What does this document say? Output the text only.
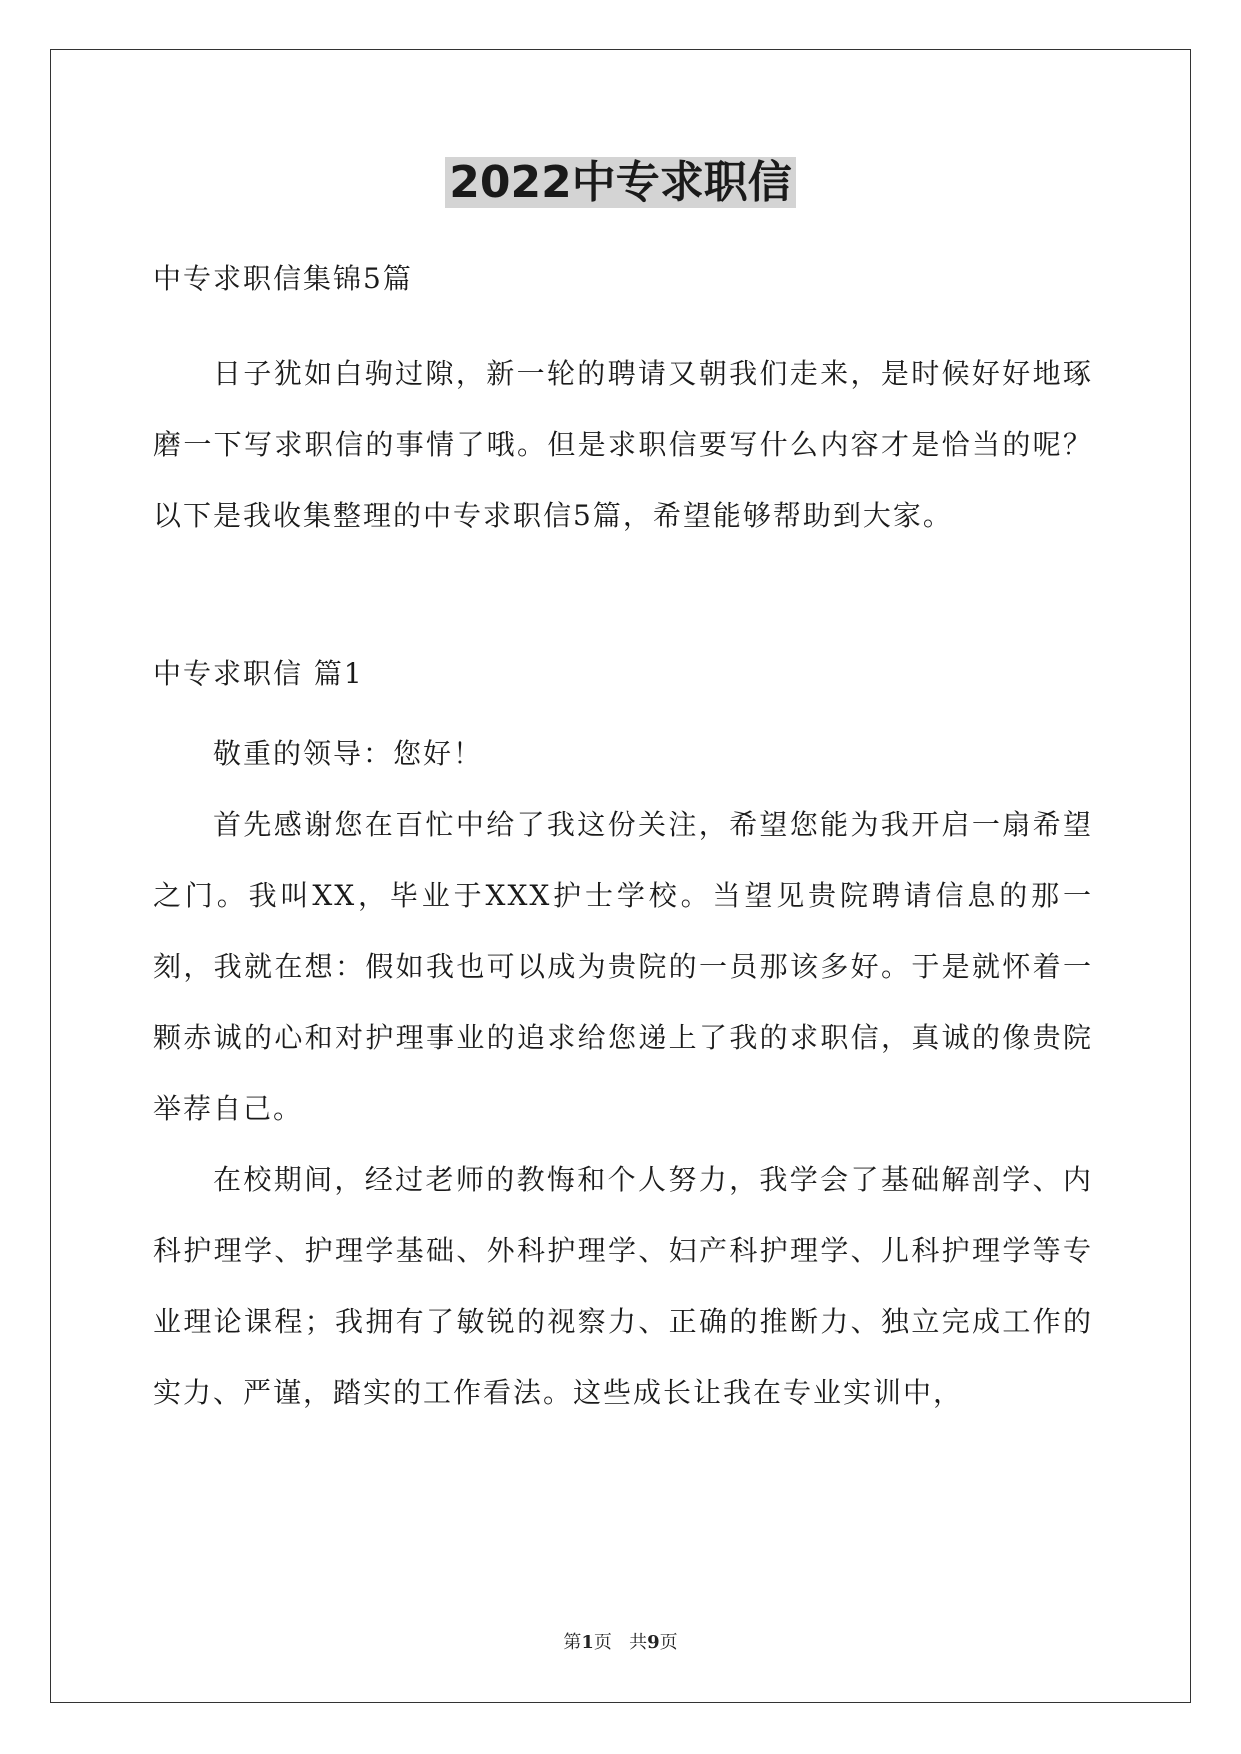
2022中专求职信

中专求职信集锦5篇

日子犹如白驹过隙，新一轮的聘请又朝我们走来，是时候好好地琢磨一下写求职信的事情了哦。但是求职信要写什么内容才是恰当的呢？以下是我收集整理的中专求职信5篇，希望能够帮助到大家。

中专求职信 篇1

敬重的领导：您好！

首先感谢您在百忙中给了我这份关注，希望您能为我开启一扇希望之门。我叫XX，毕业于XXX护士学校。当望见贵院聘请信息的那一刻，我就在想：假如我也可以成为贵院的一员那该多好。于是就怀着一颗赤诚的心和对护理事业的追求给您递上了我的求职信，真诚的像贵院举荐自己。

在校期间，经过老师的教悔和个人努力，我学会了基础解剖学、内科护理学、护理学基础、外科护理学、妇产科护理学、儿科护理学等专业理论课程；我拥有了敏锐的视察力、正确的推断力、独立完成工作的实力、严谨，踏实的工作看法。这些成长让我在专业实训中，

第1页   共9页
